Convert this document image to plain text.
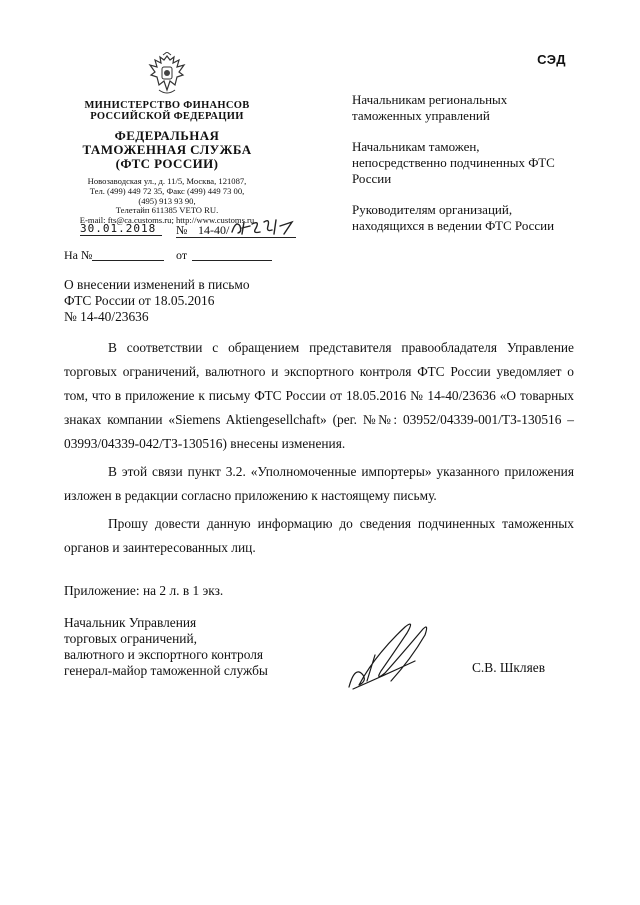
СЭД
МИНИСТЕРСТВО ФИНАНСОВ
РОССИЙСКОЙ ФЕДЕРАЦИИ
ФЕДЕРАЛЬНАЯ
ТАМОЖЕННАЯ СЛУЖБА
(ФТС РОССИИ)
Новозаводская ул., д. 11/5, Москва, 121087,
Тел. (499) 449 72 35, Факс (499) 449 73 00,
(495) 913 93 90,
Телетайп 611385 VETO RU.
E-mail: fts@ca.customs.ru; http://www.customs.ru
30.01.2018	№ 14-40/
На №	от

Начальникам региональных таможенных управлений

Начальникам таможен, непосредственно подчиненных ФТС России

Руководителям организаций, находящихся в ведении ФТС России

О внесении изменений в письмо
ФТС России от 18.05.2016
№ 14-40/23636

В соответствии с обращением представителя правообладателя Управление торговых ограничений, валютного и экспортного контроля ФТС России уведомляет о том, что в приложение к письму ФТС России от 18.05.2016 № 14-40/23636 «О товарных знаках компании «Siemens Aktiengesellchaft» (рег. №№: 03952/04339-001/ТЗ-130516 – 03993/04339-042/ТЗ-130516) внесены изменения.

В этой связи пункт 3.2. «Уполномоченные импортеры» указанного приложения изложен в редакции согласно приложению к настоящему письму.

Прошу довести данную информацию до сведения подчиненных таможенных органов и заинтересованных лиц.

Приложение: на 2 л. в 1 экз.
Начальник Управления
торговых ограничений,
валютного и экспортного контроля
генерал-майор таможенной службы	С.В. Шкляев
